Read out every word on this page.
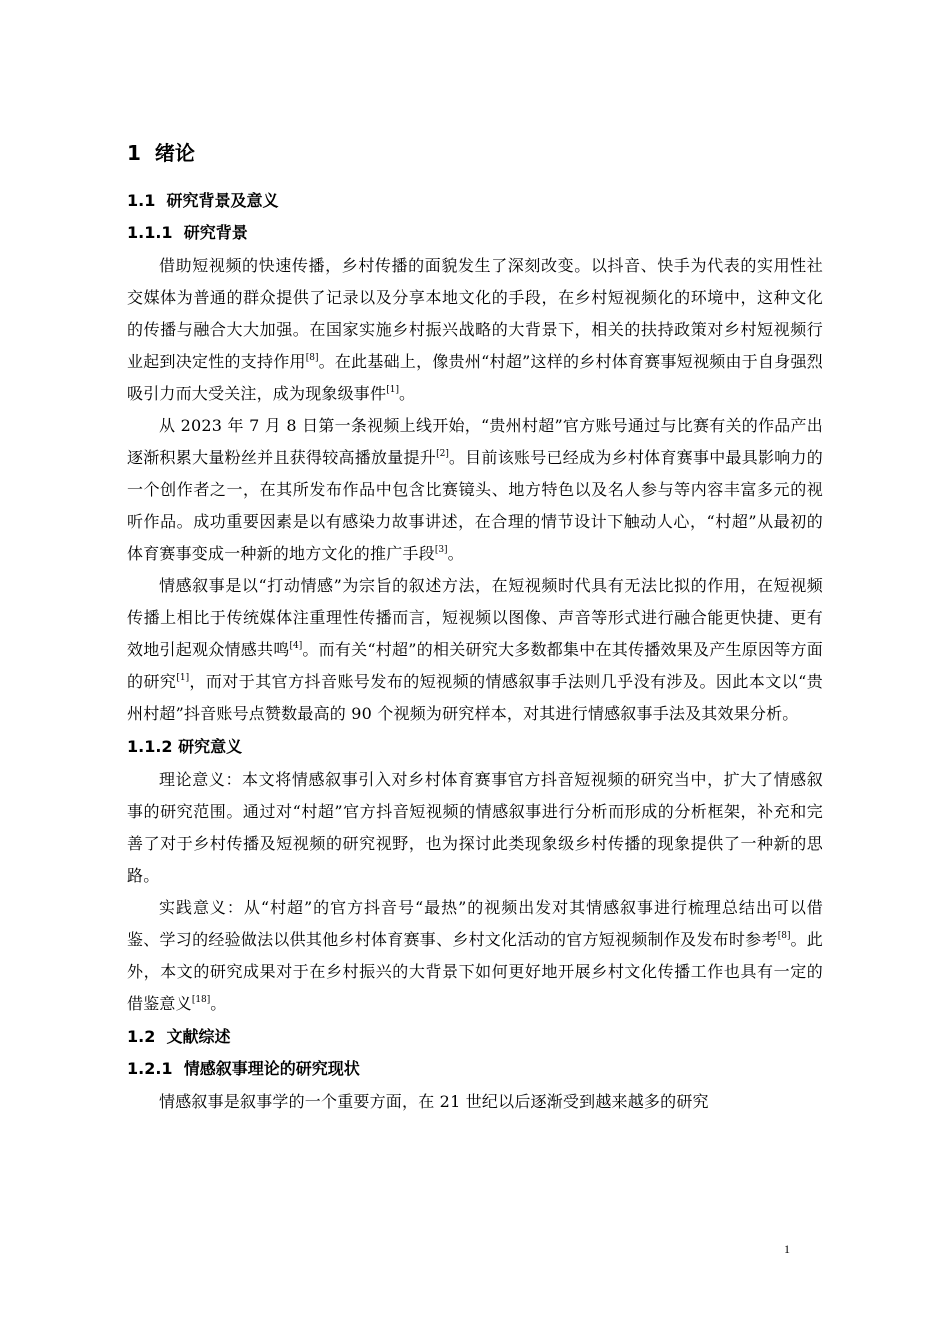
1 绪论
1.1 研究背景及意义
1.1.1 研究背景

借助短视频的快速传播，乡村传播的面貌发生了深刻改变。以抖音、快手为代表的实用性社交媒体为普通的群众提供了记录以及分享本地文化的手段，在乡村短视频化的环境中，这种文化的传播与融合大大加强。在国家实施乡村振兴战略的大背景下，相关的扶持政策对乡村短视频行业起到决定性的支持作用[8]。在此基础上，像贵州“村超”这样的乡村体育赛事短视频由于自身强烈吸引力而大受关注，成为现象级事件[1]。

从 2023 年 7 月 8 日第一条视频上线开始，“贵州村超”官方账号通过与比赛有关的作品产出逐渐积累大量粉丝并且获得较高播放量提升[2]。目前该账号已经成为乡村体育赛事中最具影响力的一个创作者之一，在其所发布作品中包含比赛镜头、地方特色以及名人参与等内容丰富多元的视听作品。成功重要因素是以有感染力故事讲述，在合理的情节设计下触动人心，“村超”从最初的体育赛事变成一种新的地方文化的推广手段[3]。

情感叙事是以“打动情感”为宗旨的叙述方法，在短视频时代具有无法比拟的作用，在短视频传播上相比于传统媒体注重理性传播而言，短视频以图像、声音等形式进行融合能更快捷、更有效地引起观众情感共鸣[4]。而有关“村超”的相关研究大多数都集中在其传播效果及产生原因等方面的研究[1]，而对于其官方抖音账号发布的短视频的情感叙事手法则几乎没有涉及。因此本文以“贵州村超”抖音账号点赞数最高的 90 个视频为研究样本，对其进行情感叙事手法及其效果分析。

1.1.2 研究意义

理论意义：本文将情感叙事引入对乡村体育赛事官方抖音短视频的研究当中，扩大了情感叙事的研究范围。通过对“村超”官方抖音短视频的情感叙事进行分析而形成的分析框架，补充和完善了对于乡村传播及短视频的研究视野，也为探讨此类现象级乡村传播的现象提供了一种新的思路。

实践意义：从“村超”的官方抖音号“最热”的视频出发对其情感叙事进行梳理总结出可以借鉴、学习的经验做法以供其他乡村体育赛事、乡村文化活动的官方短视频制作及发布时参考[8]。此外，本文的研究成果对于在乡村振兴的大背景下如何更好地开展乡村文化传播工作也具有一定的借鉴意义[18]。

1.2 文献综述
1.2.1 情感叙事理论的研究现状

情感叙事是叙事学的一个重要方面，在 21 世纪以后逐渐受到越来越多的研究

1
